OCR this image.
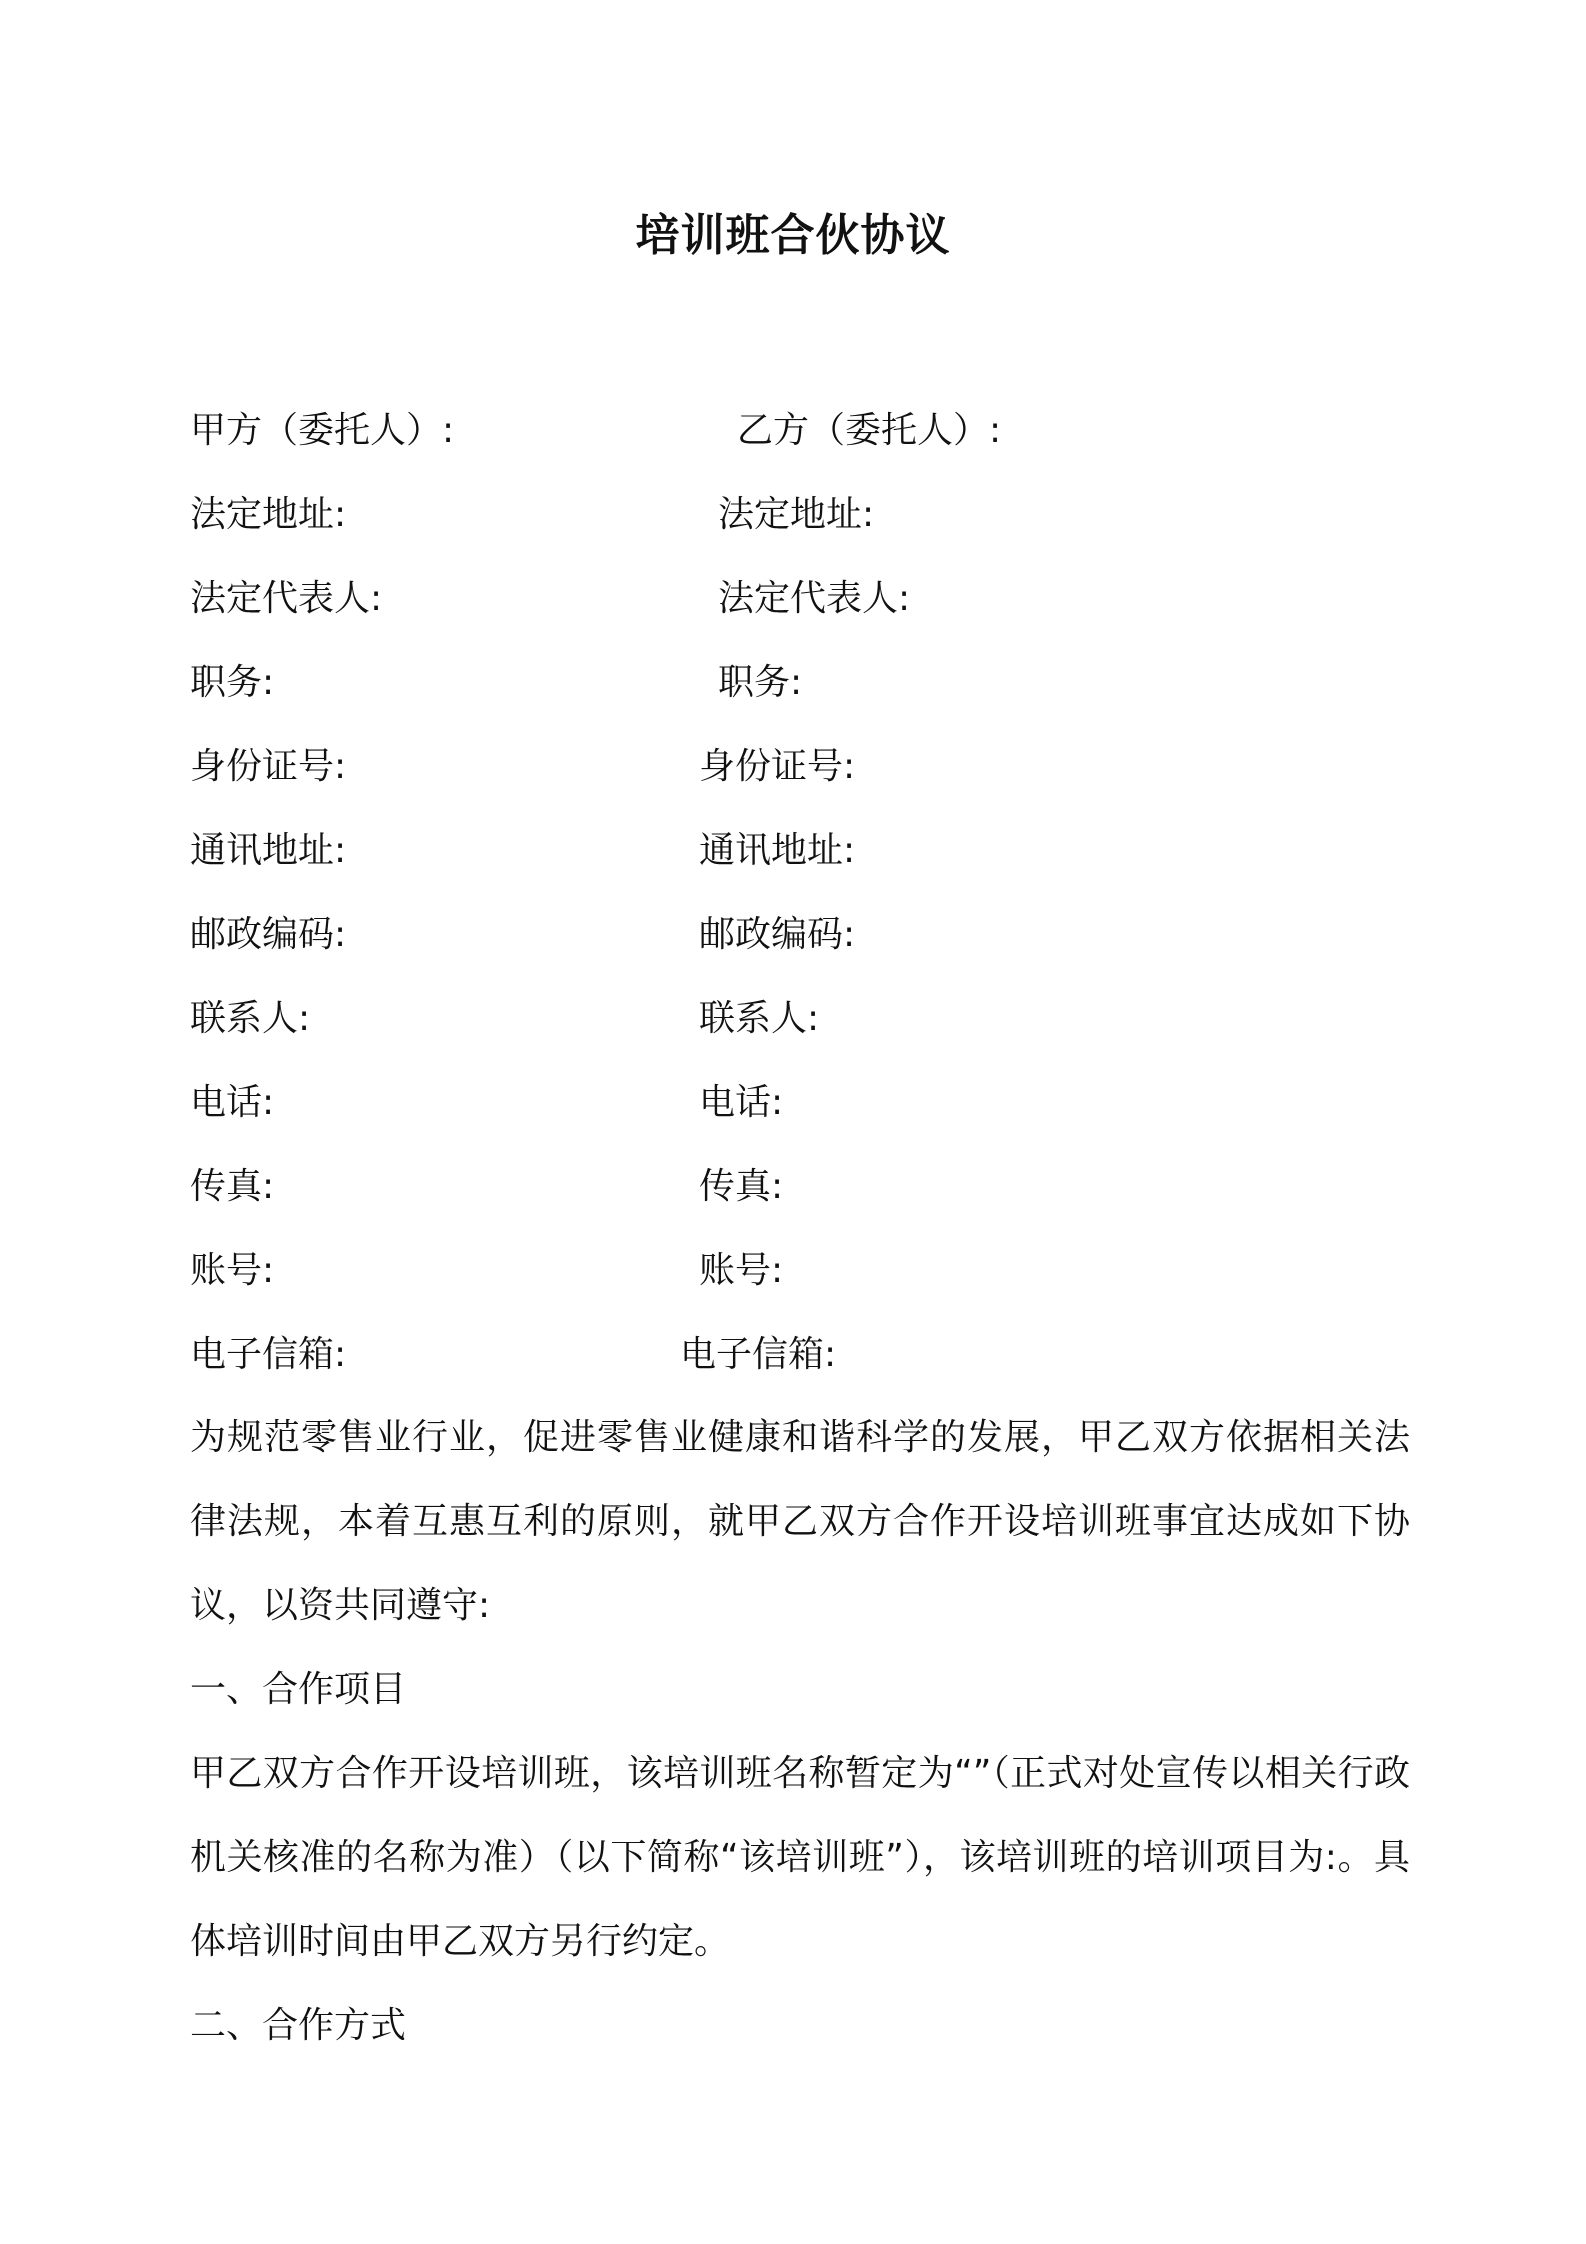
培训班合伙协议
甲方（委托人）:
法定地址:
法定代表人:
职务:
身份证号:
通讯地址:
邮政编码:
联系人:
电话:
传真:
账号:
电子信箱:
乙方（委托人）:
法定地址:
法定代表人:
职务:
身份证号:
通讯地址:
邮政编码:
联系人:
电话:
传真:
账号:
电子信箱:

为规范零售业行业，促进零售业健康和谐科学的发展，甲乙双方依据相关法律法规，本着互惠互利的原则，就甲乙双方合作开设培训班事宜达成如下协议，以资共同遵守:

一、合作项目

甲乙双方合作开设培训班，该培训班名称暂定为“”（正式对处宣传以相关行政机关核准的名称为准）（以下简称“该培训班”），该培训班的培训项目为:。具体培训时间由甲乙双方另行约定。

二、合作方式
